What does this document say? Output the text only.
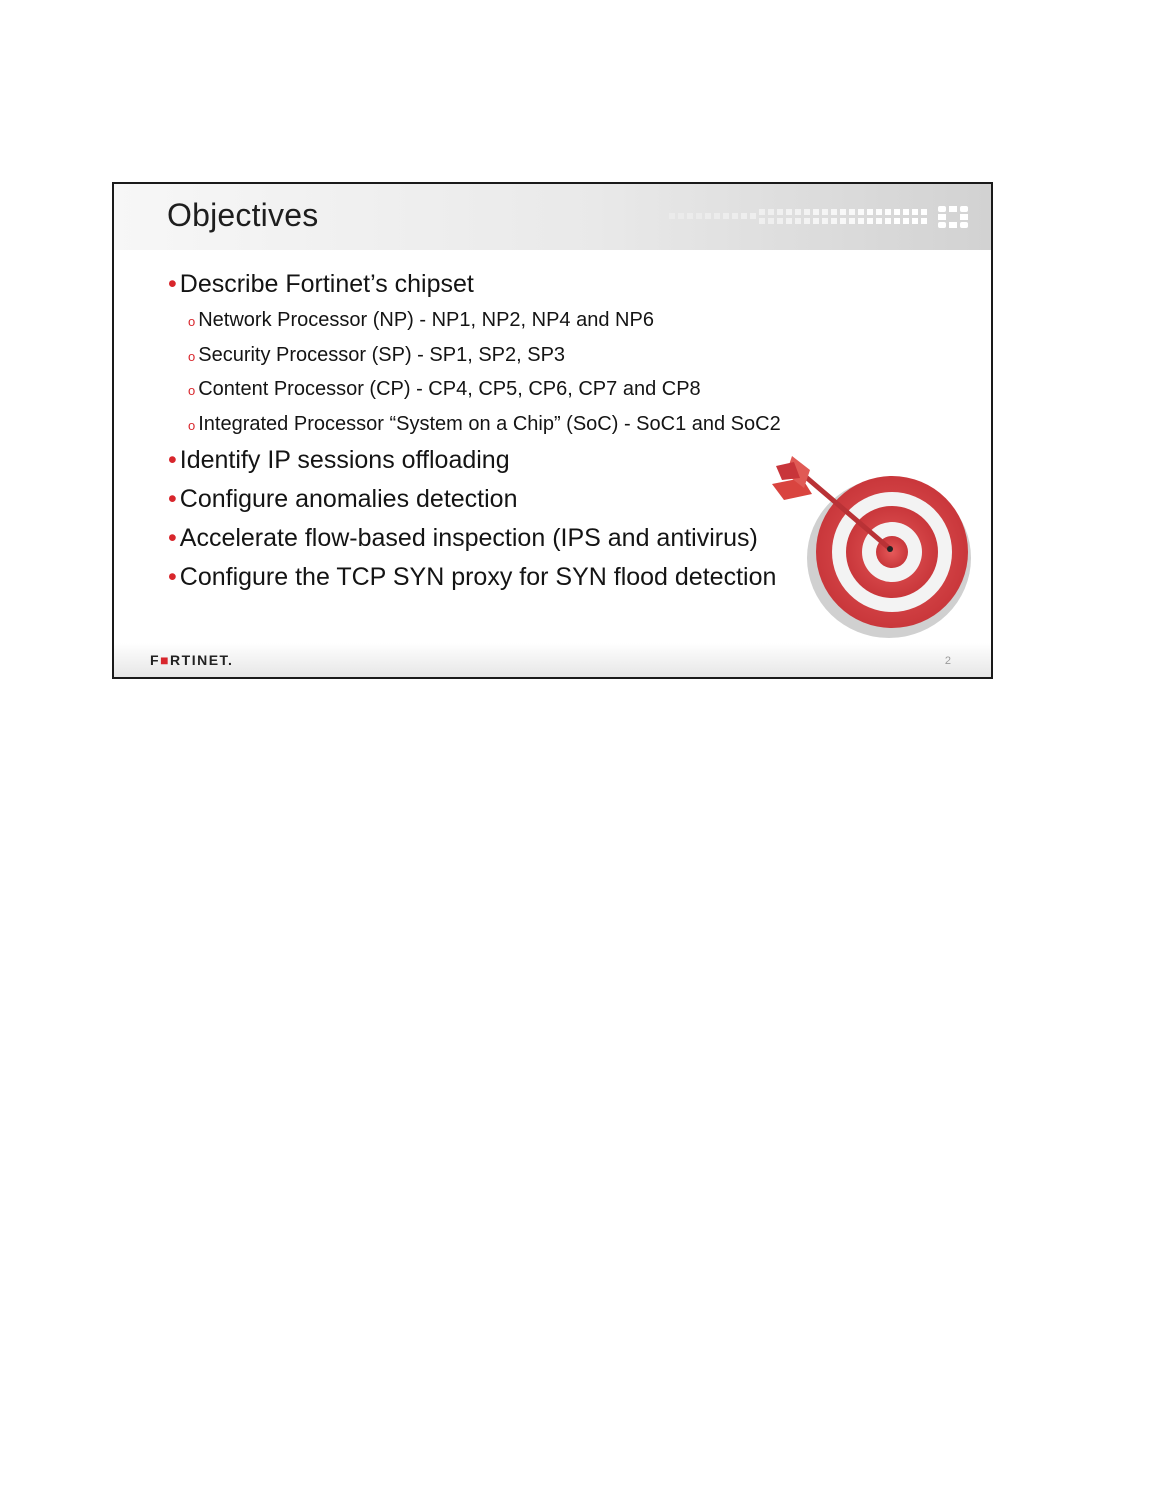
Objectives
• Describe Fortinet’s chipset
o Network Processor (NP) - NP1, NP2, NP4 and NP6
o Security Processor (SP) - SP1, SP2, SP3
o Content Processor (CP) - CP4, CP5, CP6, CP7 and CP8
o Integrated Processor “System on a Chip” (SoC) - SoC1 and SoC2
• Identify IP sessions offloading
• Configure anomalies detection
• Accelerate flow-based inspection (IPS and antivirus)
• Configure the TCP SYN proxy for SYN flood detection
F■RTINET.	2
